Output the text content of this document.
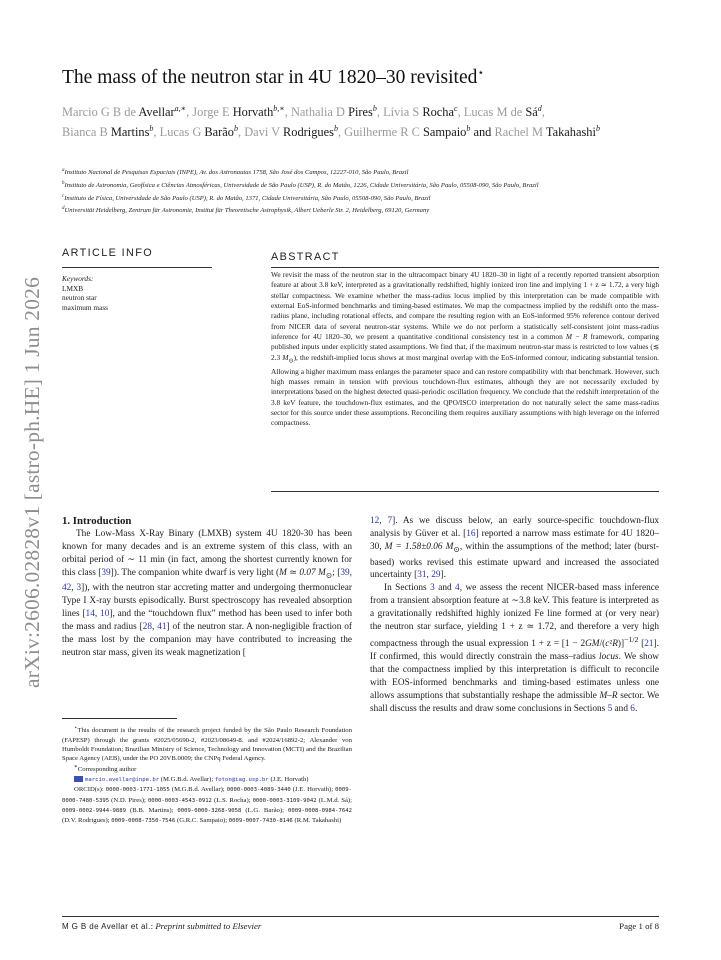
arXiv:2606.02828v1 [astro-ph.HE] 1 Jun 2026
The mass of the neutron star in 4U 1820–30 revisited⋆
Marcio G B de Avellar$^{a,∗}$, Jorge E Horvath$^{b,∗}$, Nathalia D Pires$^b$, Lívia S Rocha$^c$, Lucas M de $Sá^d$,
Bianca B Martins$^b$, Lucas G Barão$^b$, Davi V Rodrigues$^b$, Guilherme R C Sampaio$^b$ and Rachel M Takahashi$^b$

$^a$Instituto Nacional de Pesquisas Espaciais (INPE), Av. dos Astronautas 1758, São José dos Campos, 12227-010, São Paulo, Brazil

$^b$Instituto de Astronomia, Geofísica e Ciências Atmosféricas, Universidade de São Paulo (USP), R. do Matão, 1226, Cidade Universitária, São Paulo, 05508-090, São Paulo, Brazil

$^c$Instituto de Física, Universidade de São Paulo (USP), R. do Matão, 1371, Cidade Universitária, São Paulo, 05508-090, São Paulo, Brazil

$^d$Universität Heidelberg, Zentrum für Astronomie, Institut für Theoretische Astrophysik, Albert Ueberle Str. 2, Heidelberg, 69120, Germany

ARTICLE INFO
Keywords:
LMXB
neutron star
maximum mass
ABSTRACT

We revisit the mass of the neutron star in the ultracompact binary 4U 1820–30 in light of a recently reported transient absorption feature at about 3.8 keV, interpreted as a gravitationally redshifted, highly ionized iron line and implying 1 + z ≃ 1.72, a very high stellar compactness. We examine whether the mass-radius locus implied by this interpretation can be made compatible with external EoS-informed benchmarks and timing-based estimates. We map the compactness implied by the redshift onto the mass-radius plane, including rotational effects, and compare the resulting region with an EoS-informed 95% reference contour derived from NICER data of several neutron-star systems. While we do not perform a statistically self-consistent joint mass-radius inference for 4U 1820–30, we present a quantitative conditional consistency test in a common M − R framework, comparing published inputs under explicitly stated assumptions. We find that, if the maximum neutron-star mass is restricted to low values (≲ 2.3 $M_⊙$), the redshift-implied locus shows at most marginal overlap with the EoS-informed contour, indicating substantial tension. Allowing a higher maximum mass enlarges the parameter space and can restore compatibility with that benchmark. However, such high masses remain in tension with previous touchdown-flux estimates, although they are not necessarily excluded by interpretations based on the highest detected quasi-periodic oscillation frequency. We conclude that the redshift interpretation of the 3.8 keV feature, the touchdown-flux estimates, and the QPO/ISCO interpretation do not naturally select the same mass-radius sector for this source under these assumptions. Reconciling them requires auxiliary assumptions with high leverage on the inferred compactness.

1. Introduction

The Low-Mass X-Ray Binary (LMXB) system 4U 1820-30 has been known for many decades and is an extreme system of this class, with an orbital period of ∼ 11 min (in fact, among the shortest currently known for this class [39]). The companion white dwarf is very light (M ≃ 0.07 $M_⊙$; [39, 42, 3]), with the neutron star accreting matter and undergoing thermonuclear Type I X-ray bursts episodically. Burst spectroscopy has revealed absorption lines [14, 10], and the “touchdown flux” method has been used to infer both the mass and radius [28, 41] of the neutron star. A non-negligible fraction of the mass lost by the companion may have contributed to increasing the neutron star mass, given its weak magnetization [

⋆This document is the results of the research project funded by the São Paulo Research Foundation (FAPESP) through the grants #2025/05690-2, #2023/08649-8. and #2024/16892-2; Alexander von Humboldt Foundation; Brazilian Ministry of Science, Technology and Innovation (MCTI) and the Brazilian Space Agency (AEB), under the PO 20VB.0009; the CNPq Federal Agency.

∗Corresponding author

marcio.avellar@inpe.br (M.G.B.d. Avellar); foton@iag.usp.br (J.E. Horvath)

ORCID(s): 0000-0003-1771-1055 (M.G.B.d. Avellar); 0000-0003-4089-3440 (J.E. Horvath); 0009-0000-7480-5395 (N.D. Pires); 0000-0003-4543-0912 (L.S. Rocha); 0000-0003-3109-9042 (L.M.d. Sá); 0009-0002-9944-9889 (B.B. Martins); 0009-0000-3268-9058 (L.G. Barão); 0009-0008-0984-7642 (D.V. Rodrigues); 0009-0008-7350-7546 (G.R.C. Sampaio); 0009-0007-7430-8146 (R.M. Takahashi)

12, 7]. As we discuss below, an early source-specific touchdown-flux analysis by Güver et al. [16] reported a narrow mass estimate for 4U 1820–30, M = 1.58±0.06 $M_⊙$, within the assumptions of the method; later (burst-based) works revised this estimate upward and increased the associated uncertainty [31, 29].

In Sections 3 and 4, we assess the recent NICER-based mass inference from a transient absorption feature at ∼3.8 keV. This feature is interpreted as a gravitationally redshifted highly ionized Fe line formed at (or very near) the neutron star surface, yielding 1 + z ≃ 1.72, and therefore a very high compactness through the usual expression $1 + z = [1 - 2GM/(c^2R)]^{-1/2}$ [21]. If confirmed, this would directly constrain the mass–radius locus. We show that the compactness implied by this interpretation is difficult to reconcile with EOS-informed benchmarks and timing-based estimates unless one allows assumptions that substantially reshape the admissible M–R sector. We shall discuss the results and draw some conclusions in Sections 5 and 6.

M G B de Avellar et al.: Preprint submitted to Elsevier	Page 1 of 8
